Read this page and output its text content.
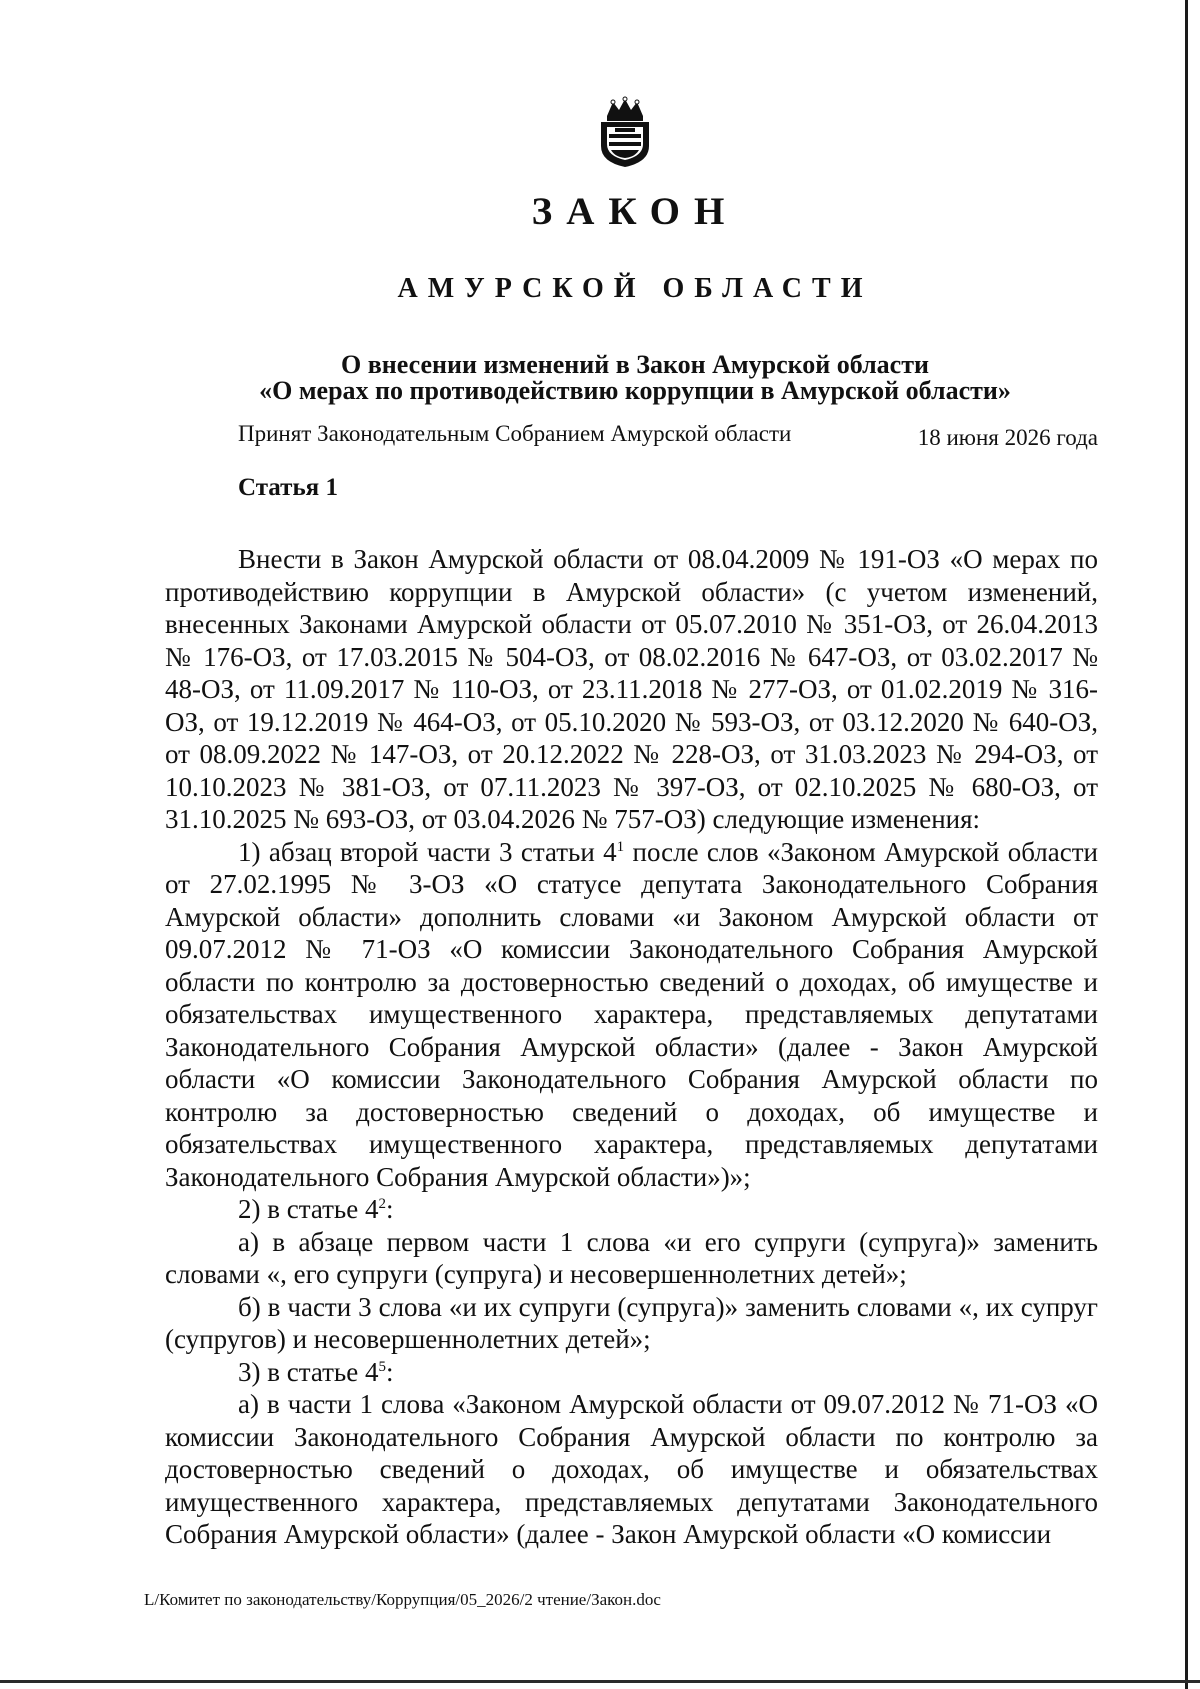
ЗАКОН
АМУРСКОЙ ОБЛАСТИ
О внесении изменений в Закон Амурской области
«О мерах по противодействию коррупции в Амурской области»
Принят Законодательным Собранием Амурской области	18 июня 2026 года
Статья 1

Внести в Закон Амурской области от 08.04.2009 № 191-ОЗ «О мерах по противодействию коррупции в Амурской области» (с учетом изменений, внесенных Законами Амурской области от 05.07.2010 № 351-ОЗ, от 26.04.2013 № 176-ОЗ, от 17.03.2015 № 504-ОЗ, от 08.02.2016 № 647-ОЗ, от 03.02.2017 № 48-ОЗ, от 11.09.2017 № 110-ОЗ, от 23.11.2018 № 277-ОЗ, от 01.02.2019 № 316-ОЗ, от 19.12.2019 № 464-ОЗ, от 05.10.2020 № 593-ОЗ, от 03.12.2020 № 640-ОЗ, от 08.09.2022 № 147-ОЗ, от 20.12.2022 № 228-ОЗ, от 31.03.2023 № 294-ОЗ, от 10.10.2023 № 381-ОЗ, от 07.11.2023 № 397-ОЗ, от 02.10.2025 № 680-ОЗ, от 31.10.2025 № 693-ОЗ, от 03.04.2026 № 757-ОЗ) следующие изменения:

1) абзац второй части 3 статьи $4^1$ после слов «Законом Амурской области от 27.02.1995 № 3-ОЗ «О статусе депутата Законодательного Собрания Амурской области» дополнить словами «и Законом Амурской области от 09.07.2012 № 71-ОЗ «О комиссии Законодательного Собрания Амурской области по контролю за достоверностью сведений о доходах, об имуществе и обязательствах имущественного характера, представляемых депутатами Законодательного Собрания Амурской области» (далее - Закон Амурской области «О комиссии Законодательного Собрания Амурской области по контролю за достоверностью сведений о доходах, об имуществе и обязательствах имущественного характера, представляемых депутатами Законодательного Собрания Амурской области»)»;

2) в статье $4^2$:

а) в абзаце первом части 1 слова «и его супруги (супруга)» заменить словами «, его супруги (супруга) и несовершеннолетних детей»;

б) в части 3 слова «и их супруги (супруга)» заменить словами «, их супруг (супругов) и несовершеннолетних детей»;

3) в статье $4^5$:

а) в части 1 слова «Законом Амурской области от 09.07.2012 № 71-ОЗ «О комиссии Законодательного Собрания Амурской области по контролю за достоверностью сведений о доходах, об имуществе и обязательствах имущественного характера, представляемых депутатами Законодательного Собрания Амурской области» (далее - Закон Амурской области «О комиссии

L/Комитет по законодательству/Коррупция/05_2026/2 чтение/Закон.doc
